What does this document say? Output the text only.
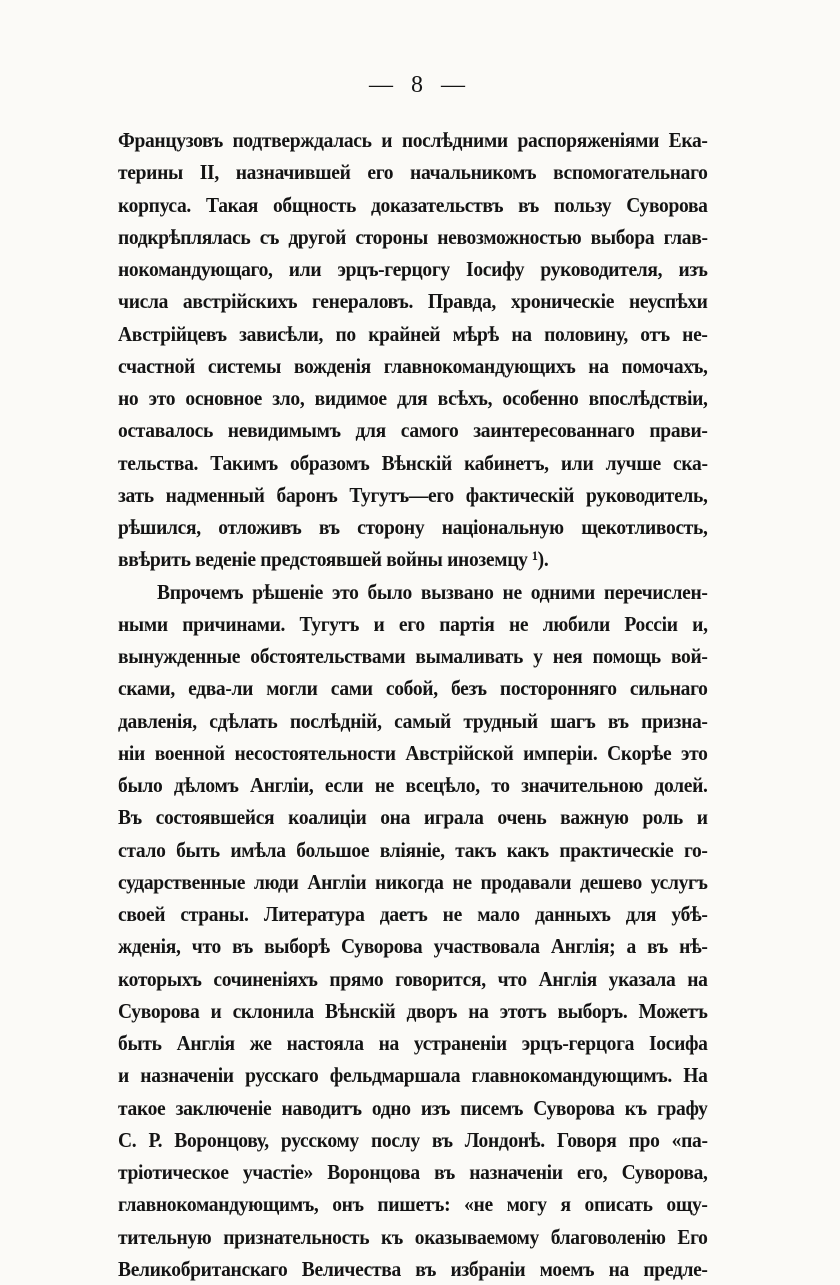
— 8 —
Французовъ подтверждалась и послѣдними распоряженіями Ека-
терины II, назначившей его начальникомъ вспомогательнаго
корпуса. Такая общность доказательствъ въ пользу Суворова
подкрѣплялась съ другой стороны невозможностью выбора глав-
нокомандующаго, или эрцъ-герцогу Іосифу руководителя, изъ
числа австрійскихъ генераловъ. Правда, хроническіе неуспѣхи
Австрійцевъ зависѣли, по крайней мѣрѣ на половину, отъ не-
счастной системы вожденія главнокомандующихъ на помочахъ,
но это основное зло, видимое для всѣхъ, особенно впослѣдствіи,
оставалось невидимымъ для самого заинтересованнаго прави-
тельства. Такимъ образомъ Вѣнскій кабинетъ, или лучше ска-
зать надменный баронъ Тугутъ—его фактическій руководитель,
рѣшился, отложивъ въ сторону національную щекотливость,
ввѣрить веденіе предстоявшей войны иноземцу ¹).
Впрочемъ рѣшеніе это было вызвано не одними перечислен-
ными причинами. Тугутъ и его партія не любили Россіи и,
вынужденные обстоятельствами вымаливать у нея помощь вой-
сками, едва-ли могли сами собой, безъ посторонняго сильнаго
давленія, сдѣлать послѣдній, самый трудный шагъ въ призна-
ніи военной несостоятельности Австрійской имперіи. Скорѣе это
было дѣломъ Англіи, если не всецѣло, то значительною долей.
Въ состоявшейся коалиціи она играла очень важную роль и
стало быть имѣла большое вліяніе, такъ какъ практическіе го-
сударственные люди Англіи никогда не продавали дешево услугъ
своей страны. Литература даетъ не мало данныхъ для убѣ-
жденія, что въ выборѣ Суворова участвовала Англія; а въ нѣ-
которыхъ сочиненіяхъ прямо говорится, что Англія указала на
Суворова и склонила Вѣнскій дворъ на этотъ выборъ. Можетъ
быть Англія же настояла на устраненіи эрцъ-герцога Іосифа
и назначеніи русскаго фельдмаршала главнокомандующимъ. На
такое заключеніе наводитъ одно изъ писемъ Суворова къ графу
С. Р. Воронцову, русскому послу въ Лондонѣ. Говоря про «па-
тріотическое участіе» Воронцова въ назначеніи его, Суворова,
главнокомандующимъ, онъ пишетъ: «не могу я описать ощу-
тительную признательность къ оказываемому благоволенію Его
Великобританскаго Величества въ избраніи моемъ на предле-
